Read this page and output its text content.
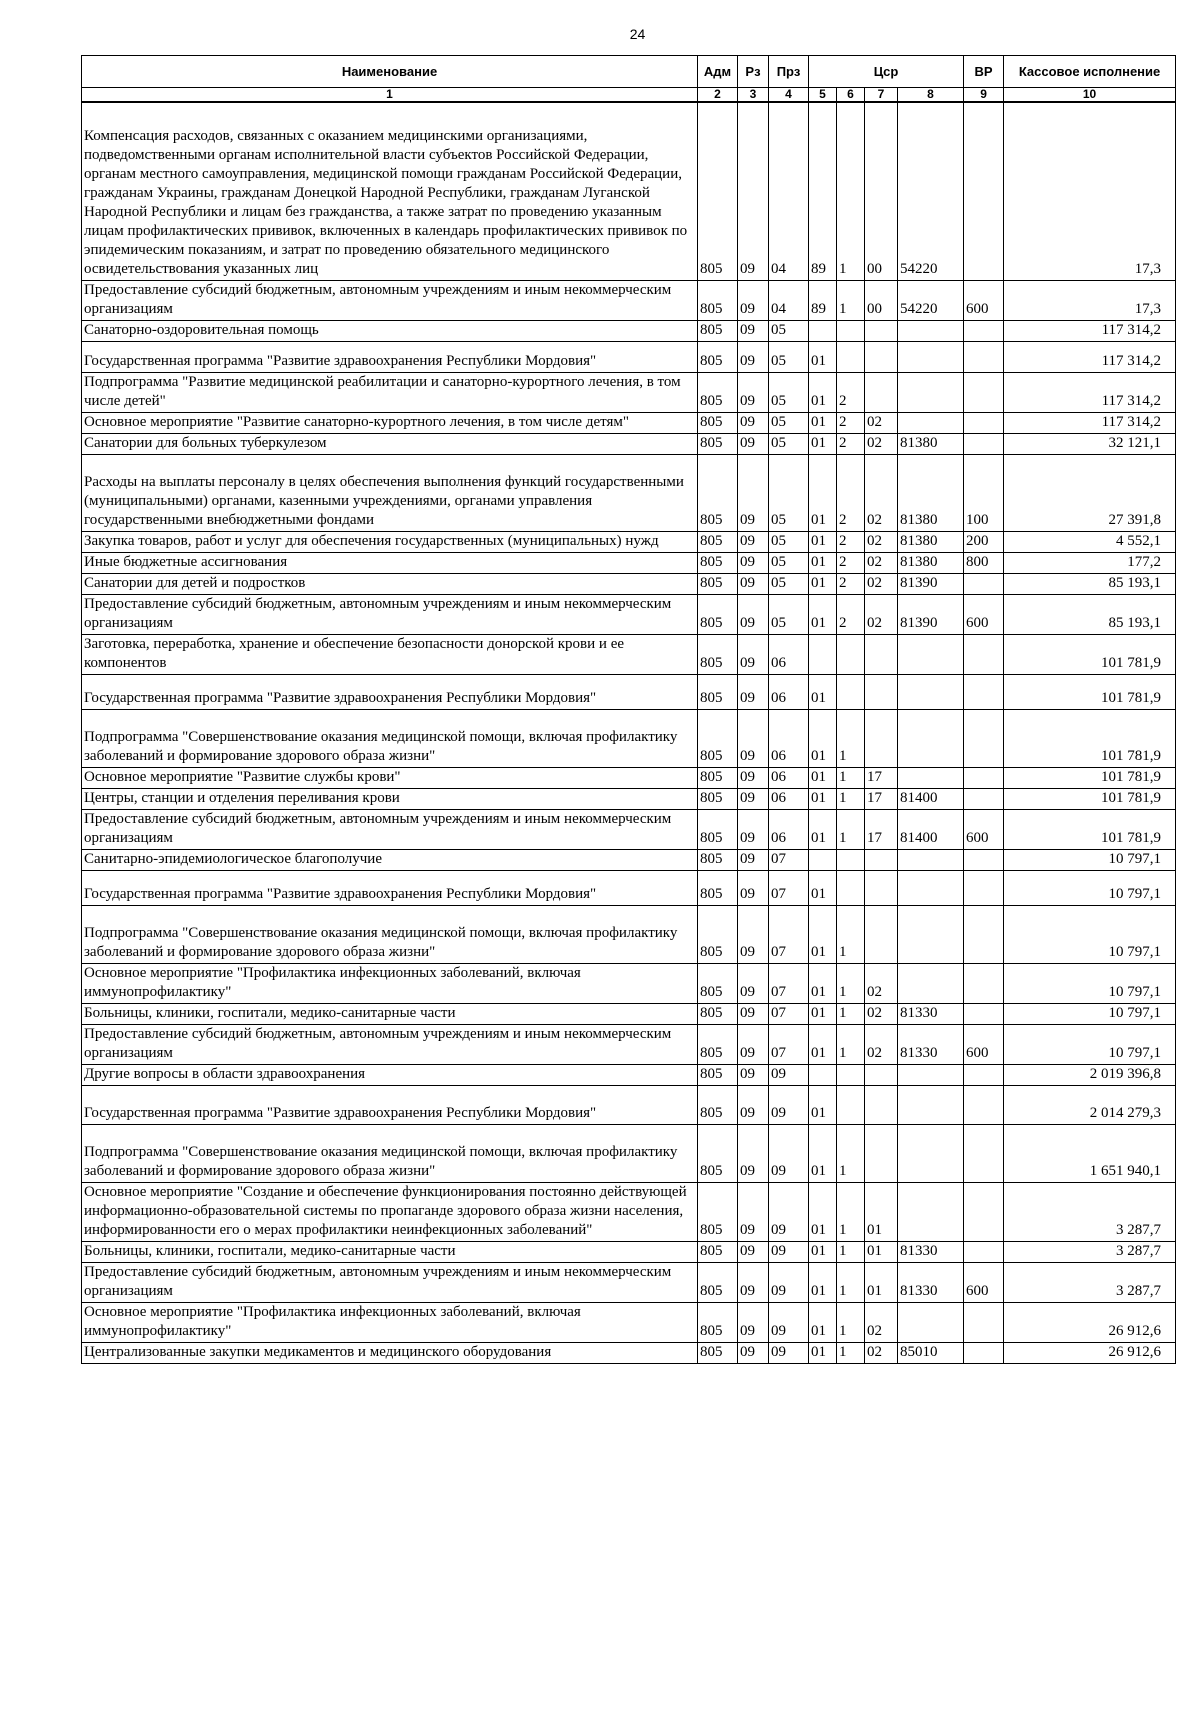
24
Наименование	Адм	Рз	Прз	Цср				ВР	Кассовое исполнение
1	2	3	4	5	6	7	8	9	10
Компенсация расходов, связанных с оказанием медицинскими организациями, подведомственными органам исполнительной власти субъектов Российской Федерации, органам местного самоуправления, медицинской помощи гражданам Российской Федерации, гражданам Украины, гражданам Донецкой Народной Республики, гражданам Луганской Народной Республики и лицам без гражданства, а также затрат по проведению указанным лицам профилактических прививок, включенных в календарь профилактических прививок по эпидемическим показаниям, и затрат по проведению обязательного медицинского освидетельствования указанных лиц	805	09	04	89	1	00	54220		17,3
Предоставление субсидий бюджетным, автономным учреждениям и иным некоммерческим организациям	805	09	04	89	1	00	54220	600	17,3
Санаторно-оздоровительная помощь	805	09	05						117 314,2
Государственная программа "Развитие здравоохранения Республики Мордовия"	805	09	05	01					117 314,2
Подпрограмма "Развитие медицинской реабилитации и санаторно-курортного лечения, в том числе детей"	805	09	05	01	2				117 314,2
Основное мероприятие "Развитие санаторно-курортного лечения, в том числе детям"	805	09	05	01	2	02			117 314,2
Санатории для больных туберкулезом	805	09	05	01	2	02	81380		32 121,1
Расходы на выплаты персоналу в целях обеспечения выполнения функций государственными (муниципальными) органами, казенными учреждениями, органами управления государственными внебюджетными фондами	805	09	05	01	2	02	81380	100	27 391,8
Закупка товаров, работ и услуг для обеспечения государственных (муниципальных) нужд	805	09	05	01	2	02	81380	200	4 552,1
Иные бюджетные ассигнования	805	09	05	01	2	02	81380	800	177,2
Санатории для детей и подростков	805	09	05	01	2	02	81390		85 193,1
Предоставление субсидий бюджетным, автономным учреждениям и иным некоммерческим организациям	805	09	05	01	2	02	81390	600	85 193,1
Заготовка, переработка, хранение и обеспечение безопасности донорской крови и ее компонентов	805	09	06						101 781,9
Государственная программа "Развитие здравоохранения Республики Мордовия"	805	09	06	01					101 781,9
Подпрограмма "Совершенствование оказания медицинской помощи, включая профилактику заболеваний и формирование здорового образа жизни"	805	09	06	01	1				101 781,9
Основное мероприятие "Развитие службы крови"	805	09	06	01	1	17			101 781,9
Центры, станции и отделения переливания крови	805	09	06	01	1	17	81400		101 781,9
Предоставление субсидий бюджетным, автономным учреждениям и иным некоммерческим организациям	805	09	06	01	1	17	81400	600	101 781,9
Санитарно-эпидемиологическое благополучие	805	09	07						10 797,1
Государственная программа "Развитие здравоохранения Республики Мордовия"	805	09	07	01					10 797,1
Подпрограмма "Совершенствование оказания медицинской помощи, включая профилактику заболеваний и формирование здорового образа жизни"	805	09	07	01	1				10 797,1
Основное мероприятие "Профилактика инфекционных заболеваний, включая иммунопрофилактику"	805	09	07	01	1	02			10 797,1
Больницы, клиники, госпитали, медико-санитарные части	805	09	07	01	1	02	81330		10 797,1
Предоставление субсидий бюджетным, автономным учреждениям и иным некоммерческим организациям	805	09	07	01	1	02	81330	600	10 797,1
Другие вопросы в области здравоохранения	805	09	09						2 019 396,8
Государственная программа "Развитие здравоохранения Республики Мордовия"	805	09	09	01					2 014 279,3
Подпрограмма "Совершенствование оказания медицинской помощи, включая профилактику заболеваний и формирование здорового образа жизни"	805	09	09	01	1				1 651 940,1
Основное мероприятие "Создание и обеспечение функционирования постоянно действующей информационно-образовательной системы по пропаганде здорового образа жизни населения, информированности его о мерах профилактики неинфекционных заболеваний"	805	09	09	01	1	01			3 287,7
Больницы, клиники, госпитали, медико-санитарные части	805	09	09	01	1	01	81330		3 287,7
Предоставление субсидий бюджетным, автономным учреждениям и иным некоммерческим организациям	805	09	09	01	1	01	81330	600	3 287,7
Основное мероприятие "Профилактика инфекционных заболеваний, включая иммунопрофилактику"	805	09	09	01	1	02			26 912,6
Централизованные закупки медикаментов и медицинского оборудования	805	09	09	01	1	02	85010		26 912,6
